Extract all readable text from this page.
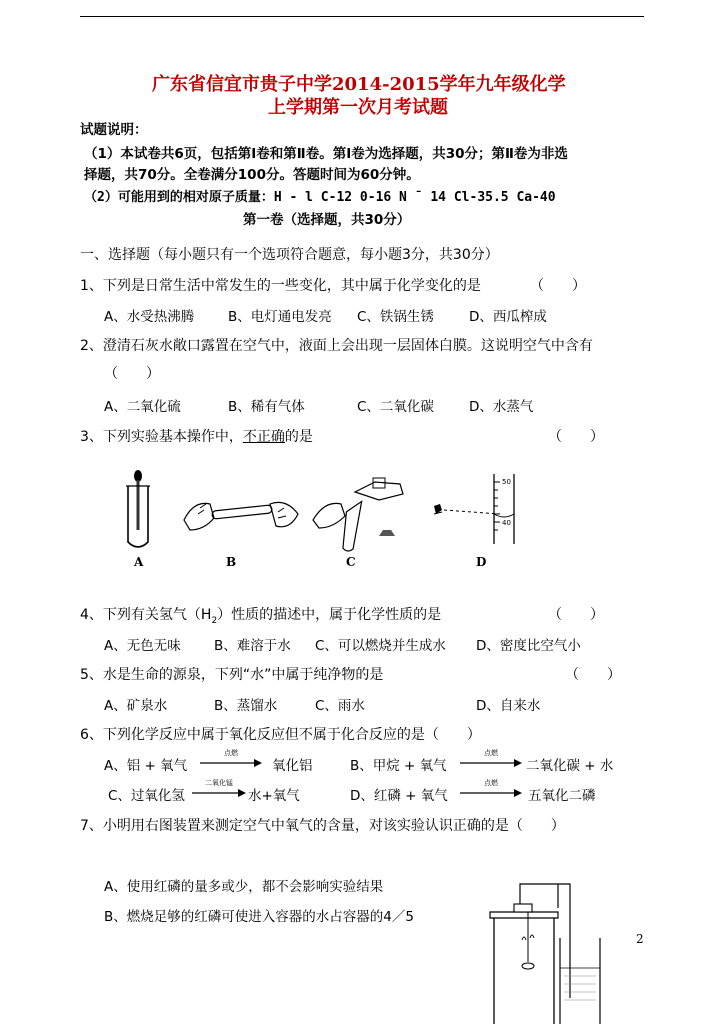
广东省信宜市贵子中学2014-2015学年九年级化学
上学期第一次月考试题
试题说明：
（1）本试卷共6页，包括第Ⅰ卷和第Ⅱ卷。第Ⅰ卷为选择题，共30分；第Ⅱ卷为非选
择题，共70分。全卷满分100分。答题时间为60分钟。
（2）可能用到的相对原子质量：H - l C-12 0-16 N ¯ 14 Cl-35.5 Ca-40
第一卷（选择题，共30分）
一、选择题（每小题只有一个选项符合题意，每小题3分，共30分）
1、下列是日常生活中常发生的一些变化，其中属于化学变化的是	（　　）
A、水受热沸腾	B、电灯通电发亮 C、铁锅生锈	D、西瓜榨成
2、澄清石灰水敞口露置在空气中，液面上会出现一层固体白膜。这说明空气中含有
（　　）
A、二氧化硫	B、稀有气体	C、二氧化碳	D、水蒸气
3、下列实验基本操作中，不正确的是	（　　）
A	B	C
50
40
D
4、下列有关氢气$(H_2)$性质的描述中，属于化学性质的是	（　　）
A、无色无味 B、难溶于水 C、可以燃烧并生成水 D、密度比空气小
5、水是生命的源泉，下列“水”中属于纯净物的是	（　　）
A、矿泉水	B、蒸馏水	C、雨水	D、自来水
6、下列化学反应中属于氧化反应但不属于化合反应的是（　　）
A、铝 + 氧气
点燃
氧化铝	B、甲烷 + 氧气
点燃
二氧化碳 + 水
C、过氧化氢
二氧化锰
水+氧气	D、红磷 + 氧气
点燃
五氧化二磷
7、小明用右图装置来测定空气中氧气的含量，对该实验认识正确的是（　　）
A、使用红磷的量多或少，都不会影响实验结果
B、燃烧足够的红磷可使进入容器的水占容器的4／5
2
